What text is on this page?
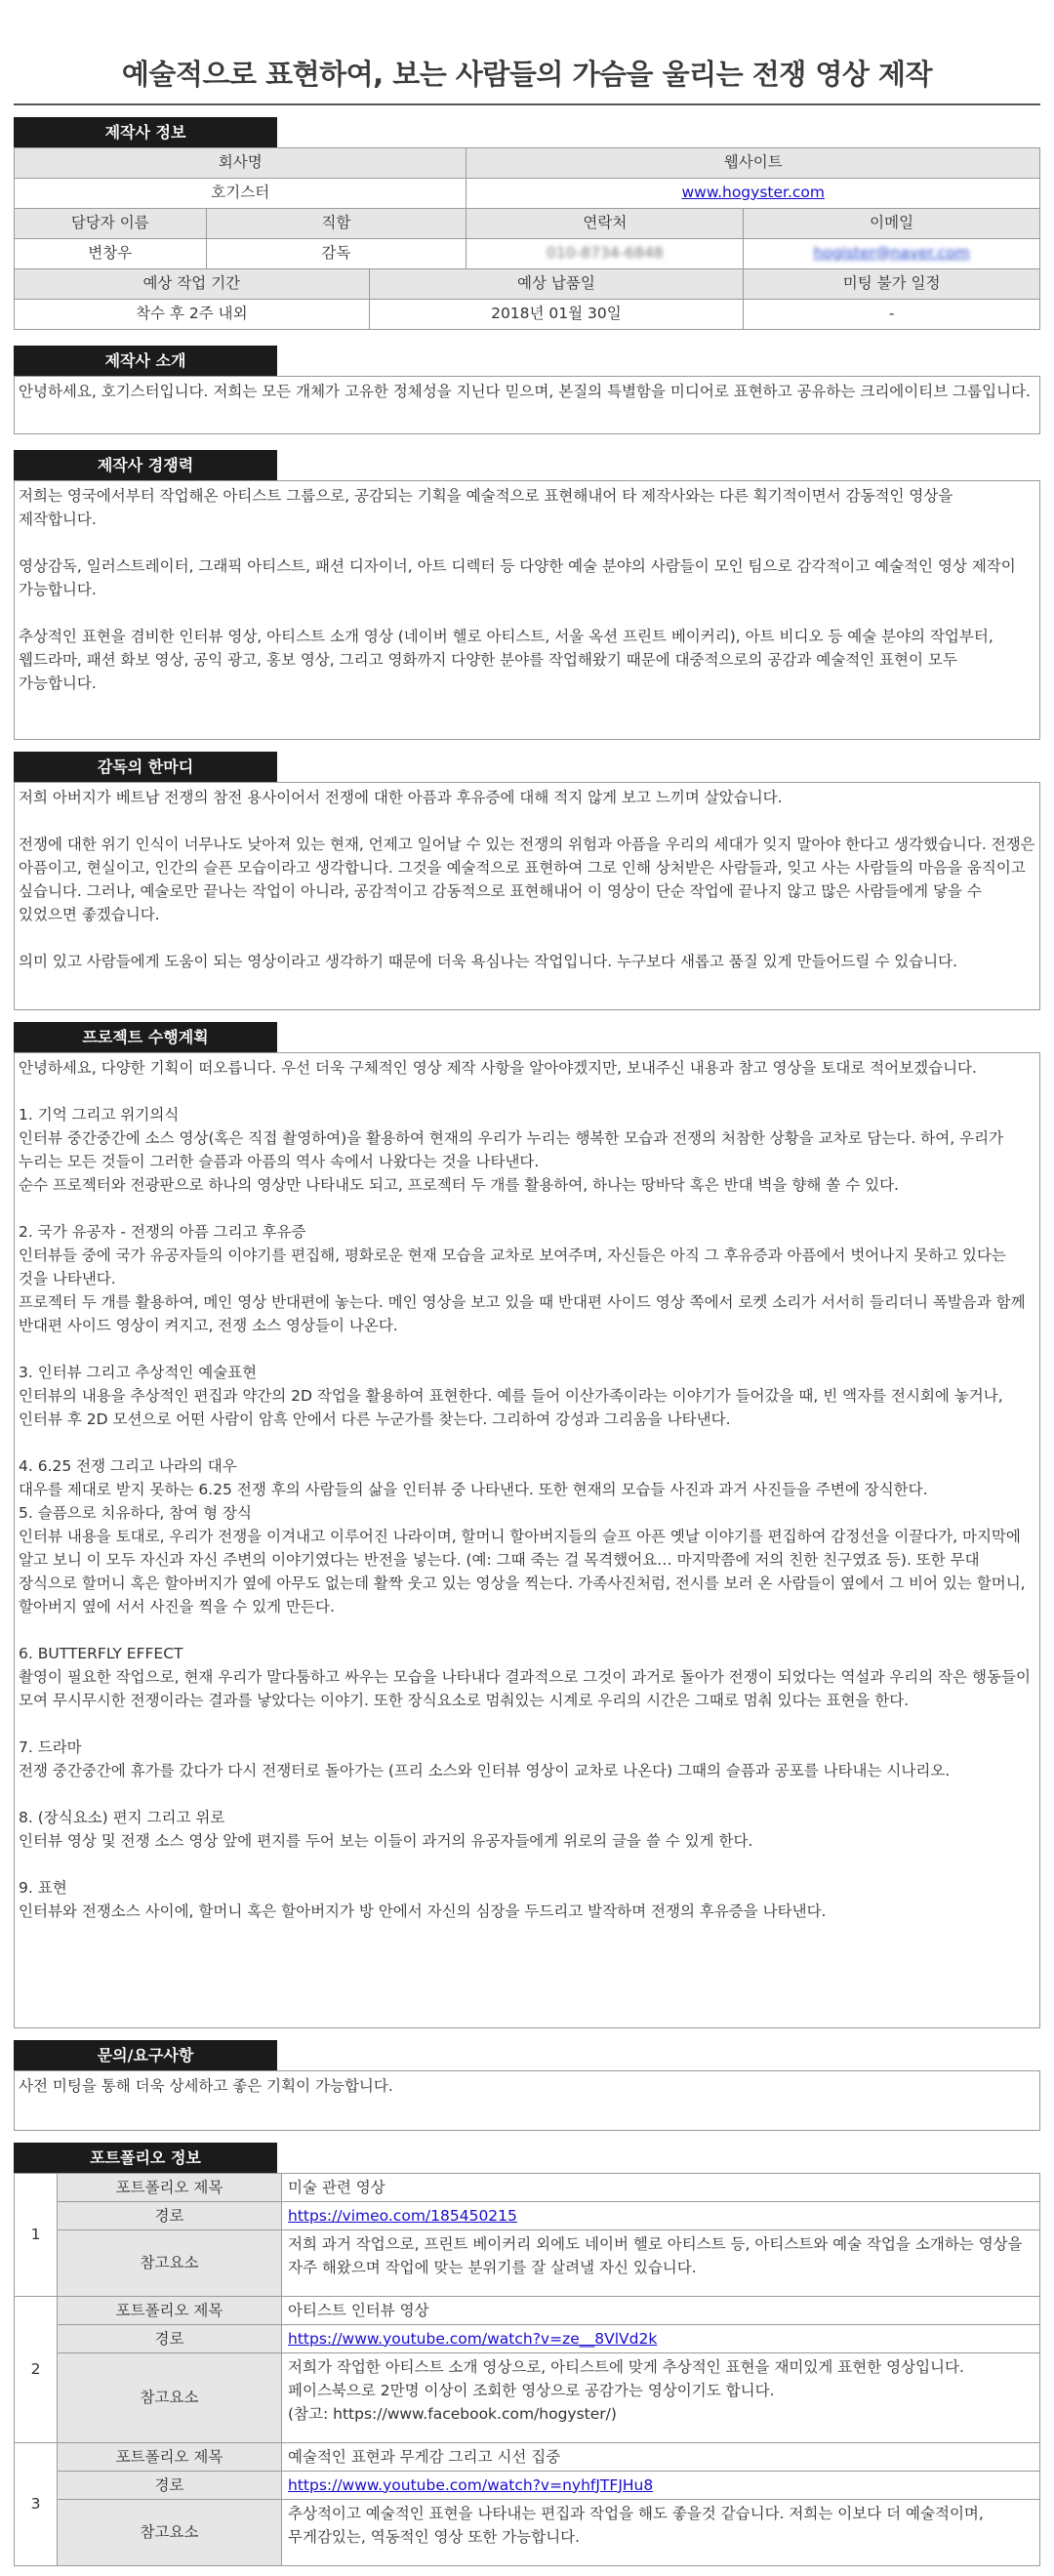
예술적으로 표현하여, 보는 사람들의 가슴을 울리는 전쟁 영상 제작
제작사 정보
회사명			웹사이트	
호기스터			www.hogyster.com	
담당자 이름	직함		연락처	이메일
변창우	감독		010-8734-6848	hogister@naver.com
예상 작업 기간		예상 납품일		미팅 불가 일정
착수 후 2주 내외		2018년 01월 30일		-
제작사 소개
안녕하세요, 호기스터입니다. 저희는 모든 개체가 고유한 정체성을 지닌다 믿으며, 본질의 특별함을 미디어로 표현하고 공유하는 크리에이티브 그룹입니다.
제작사 경쟁력
저희는 영국에서부터 작업해온 아티스트 그룹으로, 공감되는 기획을 예술적으로 표현해내어 타 제작사와는 다른 획기적이면서 감동적인 영상을 제작합니다.

영상감독, 일러스트레이터, 그래픽 아티스트, 패션 디자이너, 아트 디렉터 등 다양한 예술 분야의 사람들이 모인 팀으로 감각적이고 예술적인 영상 제작이 가능합니다.

추상적인 표현을 겸비한 인터뷰 영상, 아티스트 소개 영상 (네이버 헬로 아티스트, 서울 옥션 프린트 베이커리), 아트 비디오 등 예술 분야의 작업부터, 웹드라마, 패션 화보 영상, 공익 광고, 홍보 영상, 그리고 영화까지 다양한 분야를 작업해왔기 때문에 대중적으로의 공감과 예술적인 표현이 모두 가능합니다.
감독의 한마디
저희 아버지가 베트남 전쟁의 참전 용사이어서 전쟁에 대한 아픔과 후유증에 대해 적지 않게 보고 느끼며 살았습니다.

전쟁에 대한 위기 인식이 너무나도 낮아져 있는 현재, 언제고 일어날 수 있는 전쟁의 위험과 아픔을 우리의 세대가 잊지 말아야 한다고 생각했습니다. 전쟁은 아픔이고, 현실이고, 인간의 슬픈 모습이라고 생각합니다. 그것을 예술적으로 표현하여 그로 인해 상처받은 사람들과, 잊고 사는 사람들의 마음을 움직이고 싶습니다. 그러나, 예술로만 끝나는 작업이 아니라, 공감적이고 감동적으로 표현해내어 이 영상이 단순 작업에 끝나지 않고 많은 사람들에게 닿을 수 있었으면 좋겠습니다.

의미 있고 사람들에게 도움이 되는 영상이라고 생각하기 때문에 더욱 욕심나는 작업입니다. 누구보다 새롭고 품질 있게 만들어드릴 수 있습니다.
프로젝트 수행계획
안녕하세요, 다양한 기획이 떠오릅니다. 우선 더욱 구체적인 영상 제작 사항을 알아야겠지만, 보내주신 내용과 참고 영상을 토대로 적어보겠습니다.

1. 기억 그리고 위기의식
인터뷰 중간중간에 소스 영상(혹은 직접 촬영하여)을 활용하여 현재의 우리가 누리는 행복한 모습과 전쟁의 처참한 상황을 교차로 담는다. 하여, 우리가 누리는 모든 것들이 그러한 슬픔과 아픔의 역사 속에서 나왔다는 것을 나타낸다.
순수 프로젝터와 전광판으로 하나의 영상만 나타내도 되고, 프로젝터 두 개를 활용하여, 하나는 땅바닥 혹은 반대 벽을 향해 쏠 수 있다.

2. 국가 유공자 - 전쟁의 아픔 그리고 후유증
인터뷰들 중에 국가 유공자들의 이야기를 편집해, 평화로운 현재 모습을 교차로 보여주며, 자신들은 아직 그 후유증과 아픔에서 벗어나지 못하고 있다는 것을 나타낸다.
프로젝터 두 개를 활용하여, 메인 영상 반대편에 놓는다. 메인 영상을 보고 있을 때 반대편 사이드 영상 쪽에서 로켓 소리가 서서히 들리더니 폭발음과 함께 반대편 사이드 영상이 켜지고, 전쟁 소스 영상들이 나온다.

3. 인터뷰 그리고 추상적인 예술표현
인터뷰의 내용을 추상적인 편집과 약간의 2D 작업을 활용하여 표현한다. 예를 들어 이산가족이라는 이야기가 들어갔을 때, 빈 액자를 전시회에 놓거나, 인터뷰 후 2D 모션으로 어떤 사람이 암흑 안에서 다른 누군가를 찾는다. 그리하여 강성과 그리움을 나타낸다.

4. 6.25 전쟁 그리고 나라의 대우
대우를 제대로 받지 못하는 6.25 전쟁 후의 사람들의 삶을 인터뷰 중 나타낸다. 또한 현재의 모습들 사진과 과거 사진들을 주변에 장식한다.
5. 슬픔으로 치유하다, 참여 형 장식
인터뷰 내용을 토대로, 우리가 전쟁을 이겨내고 이루어진 나라이며, 할머니 할아버지들의 슬프 아픈 옛날 이야기를 편집하여 감정선을 이끌다가, 마지막에 알고 보니 이 모두 자신과 자신 주변의 이야기였다는 반전을 넣는다. (예: 그때 죽는 걸 목격했어요… 마지막쯤에 저의 친한 친구였죠 등). 또한 무대 장식으로 할머니 혹은 할아버지가 옆에 아무도 없는데 활짝 웃고 있는 영상을 찍는다. 가족사진처럼, 전시를 보러 온 사람들이 옆에서 그 비어 있는 할머니, 할아버지 옆에 서서 사진을 찍을 수 있게 만든다.

6. BUTTERFLY EFFECT
촬영이 필요한 작업으로, 현재 우리가 말다툼하고 싸우는 모습을 나타내다 결과적으로 그것이 과거로 돌아가 전쟁이 되었다는 역설과 우리의 작은 행동들이 모여 무시무시한 전쟁이라는 결과를 낳았다는 이야기. 또한 장식요소로 멈춰있는 시계로 우리의 시간은 그때로 멈춰 있다는 표현을 한다.

7. 드라마
전쟁 중간중간에 휴가를 갔다가 다시 전쟁터로 돌아가는 (프리 소스와 인터뷰 영상이 교차로 나온다) 그때의 슬픔과 공포를 나타내는 시나리오.

8. (장식요소) 편지 그리고 위로
인터뷰 영상 및 전쟁 소스 영상 앞에 편지를 두어 보는 이들이 과거의 유공자들에게 위로의 글을 쓸 수 있게 한다.

9. 표현
인터뷰와 전쟁소스 사이에, 할머니 혹은 할아버지가 방 안에서 자신의 심장을 두드리고 발작하며 전쟁의 후유증을 나타낸다.
문의/요구사항
사전 미팅을 통해 더욱 상세하고 좋은 기획이 가능합니다.
포트폴리오 정보
1	포트폴리오 제목	미술 관련 영상
	경로	https://vimeo.com/185450215
	참고요소	저희 과거 작업으로, 프린트 베이커리 외에도 네이버 헬로 아티스트 등, 아티스트와 예술 작업을 소개하는 영상을 자주 해왔으며 작업에 맞는 분위기를 잘 살려낼 자신 있습니다.
2	포트폴리오 제목	아티스트 인터뷰 영상
	경로	https://www.youtube.com/watch?v=ze__8VlVd2k
	참고요소	저희가 작업한 아티스트 소개 영상으로, 아티스트에 맞게 추상적인 표현을 재미있게 표현한 영상입니다. 페이스북으로 2만명 이상이 조회한 영상으로 공감가는 영상이기도 합니다.
(참고: https://www.facebook.com/hogyster/)
3	포트폴리오 제목	예술적인 표현과 무게감 그리고 시선 집중
	경로	https://www.youtube.com/watch?v=nyhfJTFJHu8
	참고요소	추상적이고 예술적인 표현을 나타내는 편집과 작업을 해도 좋을것 같습니다. 저희는 이보다 더 예술적이며, 무게감있는, 역동적인 영상 또한 가능합니다.
